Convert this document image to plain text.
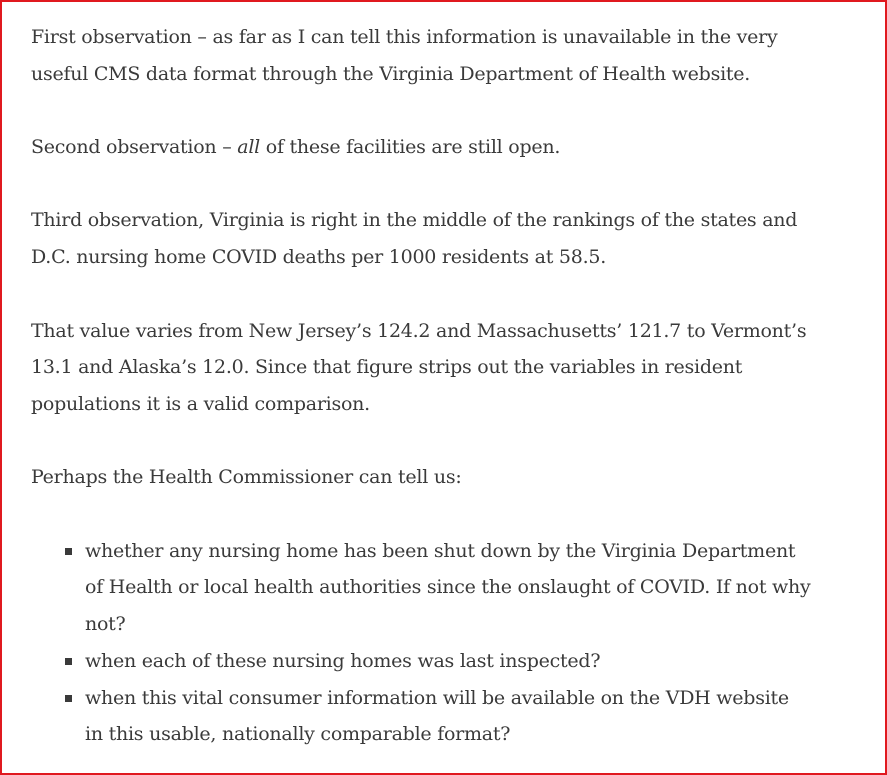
First observation – as far as I can tell this information is unavailable in the very useful CMS data format through the Virginia Department of Health website.

Second observation – all of these facilities are still open.

Third observation, Virginia is right in the middle of the rankings of the states and D.C. nursing home COVID deaths per 1000 residents at 58.5.

That value varies from New Jersey’s 124.2 and Massachusetts’ 121.7 to Vermont’s 13.1 and Alaska’s 12.0. Since that figure strips out the variables in resident populations it is a valid comparison.

Perhaps the Health Commissioner can tell us:

whether any nursing home has been shut down by the Virginia Department of Health or local health authorities since the onslaught of COVID. If not why not?
when each of these nursing homes was last inspected?
when this vital consumer information will be available on the VDH website in this usable, nationally comparable format?
